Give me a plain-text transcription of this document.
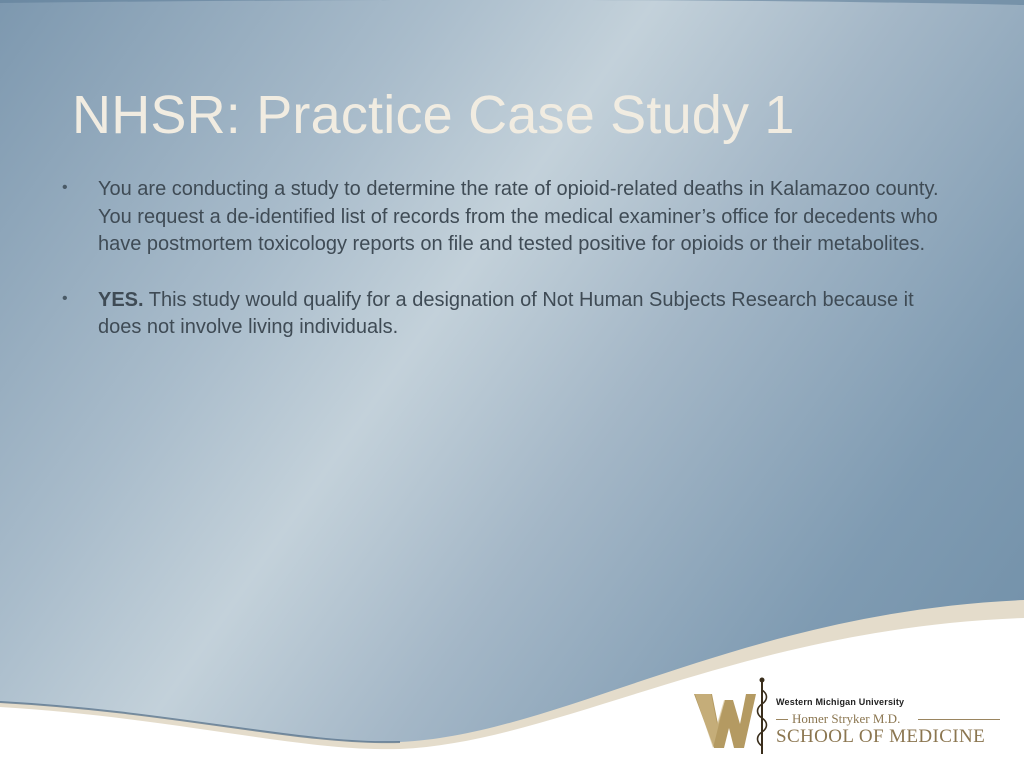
NHSR: Practice Case Study 1
• You are conducting a study to determine the rate of opioid-related deaths in Kalamazoo county. You request a de-identified list of records from the medical examiner’s office for decedents who have postmortem toxicology reports on file and tested positive for opioids or their metabolites.
• YES. This study would qualify for a designation of Not Human Subjects Research because it does not involve living individuals.
Western Michigan University
Homer Stryker M.D.
SCHOOL OF MEDICINE
